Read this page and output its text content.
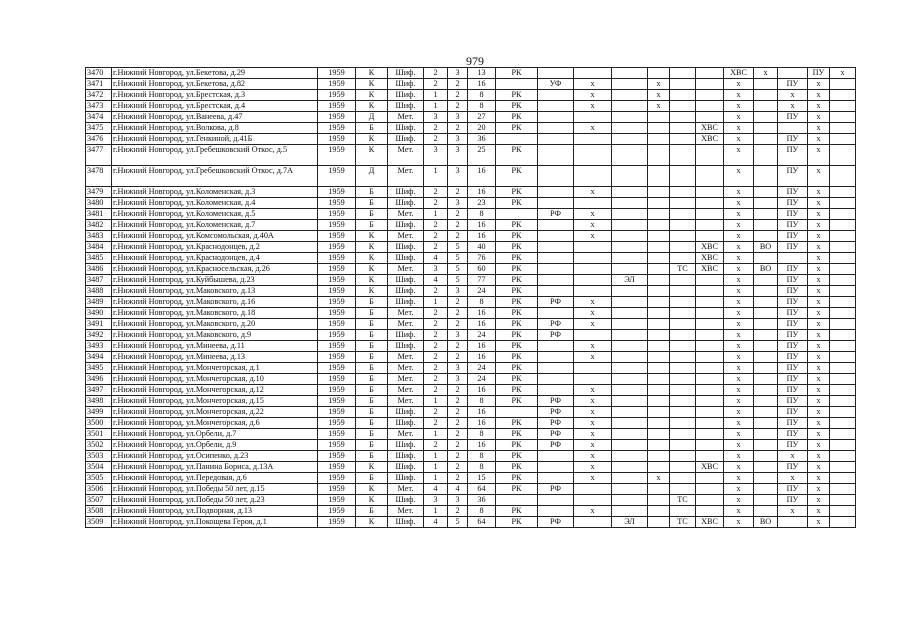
979
3470	г.Нижний Новгород, ул.Бекетова, д.29	1959	К	Шиф.	2	3	13	РК							ХВС	х		ПУ	х
3471	г.Нижний Новгород, ул.Бекетова, д.82	1959	К	Шиф.	2	2	16		УФ	х		х			х		ПУ	х	
3472	г.Нижний Новгород, ул.Брестская, д.3	1959	К	Шиф.	1	2	8	РК		х		х			х		х	х	
3473	г.Нижний Новгород, ул.Брестская, д.4	1959	К	Шиф.	1	2	8	РК		х		х			х		х	х	
3474	г.Нижний Новгород, ул.Ванеева, д.47	1959	Д	Мет.	3	3	27	РК							х		ПУ	х	
3475	г.Нижний Новгород, ул.Волкова, д.8	1959	Б	Шиф.	2	2	20	РК		х				ХВС	х			х	
3476	г.Нижний Новгород, ул.Генкиной, д.41Б	1959	К	Шиф.	2	3	36							ХВС	х		ПУ	х	
3477	г.Нижний Новгород, ул.Гребешковский Откос, д.5	1959	К	Мет.	3	3	25	РК							х		ПУ	х	
3478	г.Нижний Новгород, ул.Гребешковский Откос, д.7А	1959	Д	Мет.	1	3	16	РК							х		ПУ	х	
3479	г.Нижний Новгород, ул.Коломенская, д.3	1959	Б	Шиф.	2	2	16	РК		х					х		ПУ	х	
3480	г.Нижний Новгород, ул.Коломенская, д.4	1959	Б	Шиф.	2	3	23	РК							х		ПУ	х	
3481	г.Нижний Новгород, ул.Коломенская, д.5	1959	Б	Мет.	1	2	8		РФ	х					х		ПУ	х	
3482	г.Нижний Новгород, ул.Коломенская, д.7	1959	Б	Шиф.	2	2	16	РК		х					х		ПУ	х	
3483	г.Нижний Новгород, ул.Комсомольская, д.40А	1959	К	Мет.	2	2	16	РК		х					х		ПУ	х	
3484	г.Нижний Новгород, ул.Краснодонцев, д.2	1959	К	Шиф.	2	5	40	РК						ХВС	х	ВО	ПУ	х	
3485	г.Нижний Новгород, ул.Краснодонцев, д.4	1959	К	Шиф.	4	5	76	РК						ХВС	х			х	
3486	г.Нижний Новгород, ул.Красносельская, д.26	1959	К	Мет.	3	5	60	РК					ТС	ХВС	х	ВО	ПУ	х	
3487	г.Нижний Новгород, ул.Куйбышева, д.23	1959	К	Шиф.	4	5	77	РК			ЭЛ				х		ПУ	х	
3488	г.Нижний Новгород, ул.Маковского, д.13	1959	К	Шиф.	2	3	24	РК							х		ПУ	х	
3489	г.Нижний Новгород, ул.Маковского, д.16	1959	Б	Шиф.	1	2	8	РК	РФ	х					х		ПУ	х	
3490	г.Нижний Новгород, ул.Маковского, д.18	1959	Б	Мет.	2	2	16	РК		х					х		ПУ	х	
3491	г.Нижний Новгород, ул.Маковского, д.20	1959	Б	Мет.	2	2	16	РК	РФ	х					х		ПУ	х	
3492	г.Нижний Новгород, ул.Маковского, д.9	1959	Б	Шиф.	2	3	24	РК	РФ						х		ПУ	х	
3493	г.Нижний Новгород, ул.Минеева, д.11	1959	Б	Шиф.	2	2	16	РК		х					х		ПУ	х	
3494	г.Нижний Новгород, ул.Минеева, д.13	1959	Б	Мет.	2	2	16	РК		х					х		ПУ	х	
3495	г.Нижний Новгород, ул.Мончегорская, д.1	1959	Б	Мет.	2	3	24	РК							х		ПУ	х	
3496	г.Нижний Новгород, ул.Мончегорская, д.10	1959	Б	Мет.	2	3	24	РК							х		ПУ	х	
3497	г.Нижний Новгород, ул.Мончегорская, д.12	1959	Б	Мет.	2	2	16	РК		х					х		ПУ	х	
3498	г.Нижний Новгород, ул.Мончегорская, д.15	1959	Б	Мет.	1	2	8	РК	РФ	х					х		ПУ	х	
3499	г.Нижний Новгород, ул.Мончегорская, д.22	1959	Б	Шиф.	2	2	16		РФ	х					х		ПУ	х	
3500	г.Нижний Новгород, ул.Мончегорская, д.6	1959	Б	Шиф.	2	2	16	РК	РФ	х					х		ПУ	х	
3501	г.Нижний Новгород, ул.Орбели, д.7	1959	Б	Мет.	1	2	8	РК	РФ	х					х		ПУ	х	
3502	г.Нижний Новгород, ул.Орбели, д.9	1959	Б	Шиф.	2	2	16	РК	РФ	х					х		ПУ	х	
3503	г.Нижний Новгород, ул.Осипенко, д.23	1959	Б	Шиф.	1	2	8	РК		х					х		х	х	
3504	г.Нижний Новгород, ул.Панина Бориса, д.13А	1959	К	Шиф.	1	2	8	РК		х				ХВС	х		ПУ	х	
3505	г.Нижний Новгород, ул.Передовая, д.6	1959	Б	Шиф.	1	2	15	РК		х		х			х		х	х	
3506	г.Нижний Новгород, ул.Победы 50 лет, д.15	1959	К	Мет.	4	4	64	РК	РФ						х		ПУ	х	
3507	г.Нижний Новгород, ул.Победы 50 лет, д.23	1959	К	Шиф.	3	3	36						ТС		х		ПУ	х	
3508	г.Нижний Новгород, ул.Подворная, д.13	1959	Б	Мет.	1	2	8	РК		х					х		х	х	
3509	г.Нижний Новгород, ул.Покощева Героя, д.1	1959	К	Шиф.	4	5	64	РК	РФ		ЭЛ		ТС	ХВС	х	ВО		х	
